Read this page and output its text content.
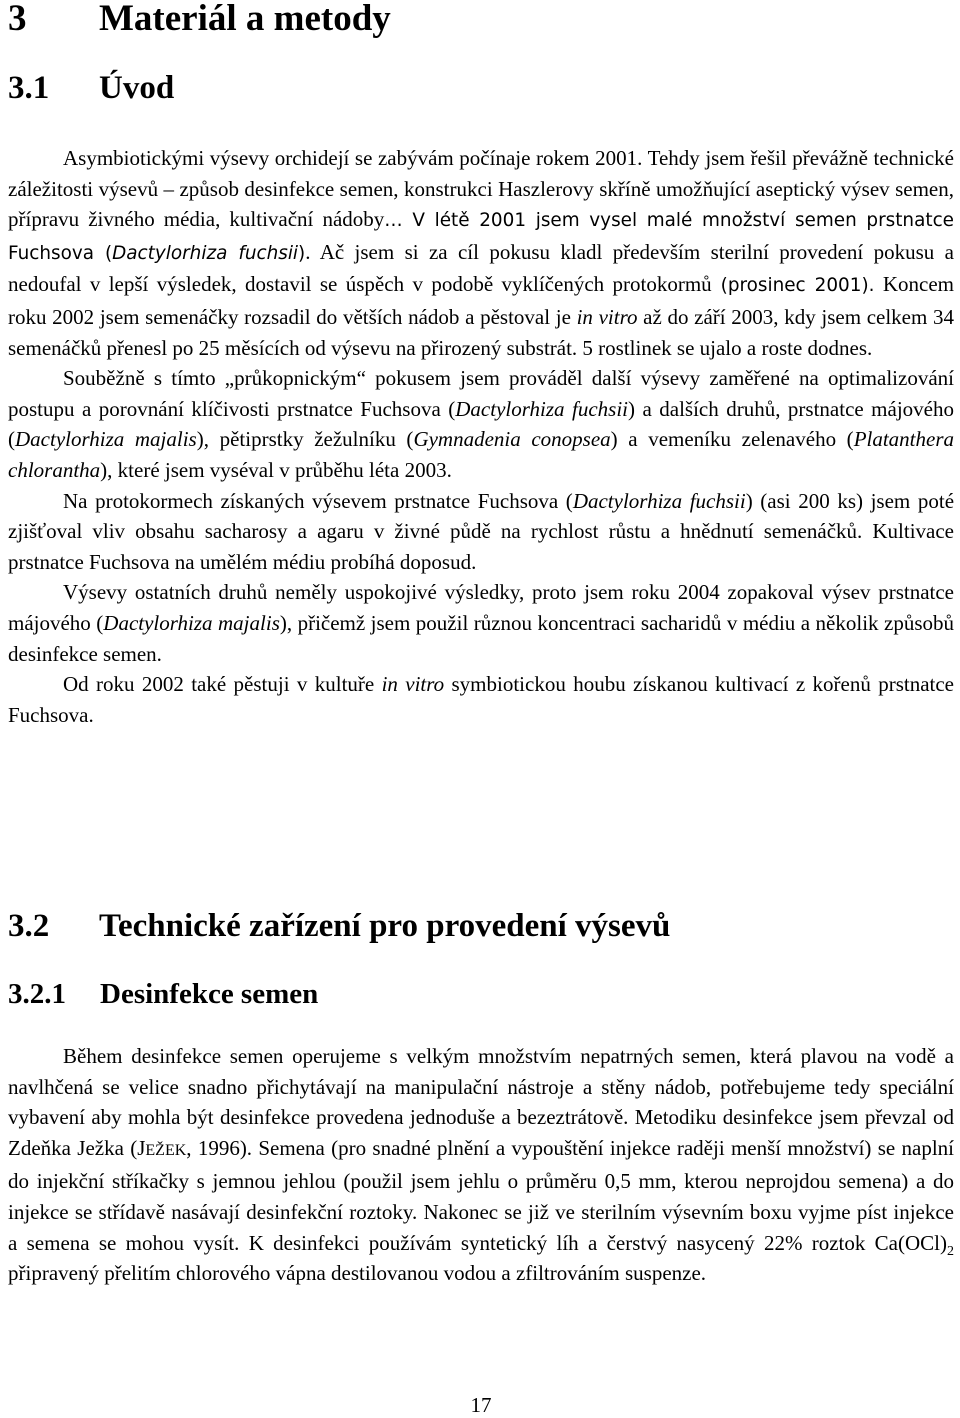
3 Materiál a metody
3.1 Úvod

Asymbiotickými výsevy orchidejí se zabývám počínaje rokem 2001. Tehdy jsem řešil převážně technické záležitosti výsevů – způsob desinfekce semen, konstrukci Haszlerovy skříně umožňující aseptický výsev semen, přípravu živného média, kultivační nádoby… V létě 2001 jsem vysel malé množství semen prstnatce Fuchsova (Dactylorhiza fuchsii). Ač jsem si za cíl pokusu kladl především sterilní provedení pokusu a nedoufal v lepší výsledek, dostavil se úspěch v podobě vyklíčených protokormů (prosinec 2001). Koncem roku 2002 jsem semenáčky rozsadil do větších nádob a pěstoval je in vitro až do září 2003, kdy jsem celkem 34 semenáčků přenesl po 25 měsících od výsevu na přirozený substrát. 5 rostlinek se ujalo a roste dodnes.

Souběžně s tímto „průkopnickým“ pokusem jsem prováděl další výsevy zaměřené na optimalizování postupu a porovnání klíčivosti prstnatce Fuchsova (Dactylorhiza fuchsii) a dalších druhů, prstnatce májového (Dactylorhiza majalis), pětiprstky žežulníku (Gymnadenia conopsea) a vemeníku zelenavého (Platanthera chlorantha), které jsem vyséval v průběhu léta 2003.

Na protokormech získaných výsevem prstnatce Fuchsova (Dactylorhiza fuchsii) (asi 200 ks) jsem poté zjišťoval vliv obsahu sacharosy a agaru v živné půdě na rychlost růstu a hnědnutí semenáčků. Kultivace prstnatce Fuchsova na umělém médiu probíhá doposud.

Výsevy ostatních druhů neměly uspokojivé výsledky, proto jsem roku 2004 zopakoval výsev prstnatce májového (Dactylorhiza majalis), přičemž jsem použil různou koncentraci sacharidů v médiu a několik způsobů desinfekce semen.

Od roku 2002 také pěstuji v kultuře in vitro symbiotickou houbu získanou kultivací z kořenů prstnatce Fuchsova.

3.2 Technické zařízení pro provedení výsevů
3.2.1 Desinfekce semen

Během desinfekce semen operujeme s velkým množstvím nepatrných semen, která plavou na vodě a navlhčená se velice snadno přichytávají na manipulační nástroje a stěny nádob, potřebujeme tedy speciální vybavení aby mohla být desinfekce provedena jednoduše a bezeztrátově. Metodiku desinfekce jsem převzal od Zdeňka Ježka (JEŽEK, 1996). Semena (pro snadné plnění a vypouštění injekce raději menší množství) se naplní do injekční stříkačky s jemnou jehlou (použil jsem jehlu o průměru 0,5 mm, kterou neprojdou semena) a do injekce se střídavě nasávají desinfekční roztoky. Nakonec se již ve sterilním výsevním boxu vyjme píst injekce a semena se mohou vysít. K desinfekci používám syntetický líh a čerstvý nasycený 22% roztok $Ca(OCl)_2$ připravený přelitím chlorového vápna destilovanou vodou a zfiltrováním suspenze.

17
